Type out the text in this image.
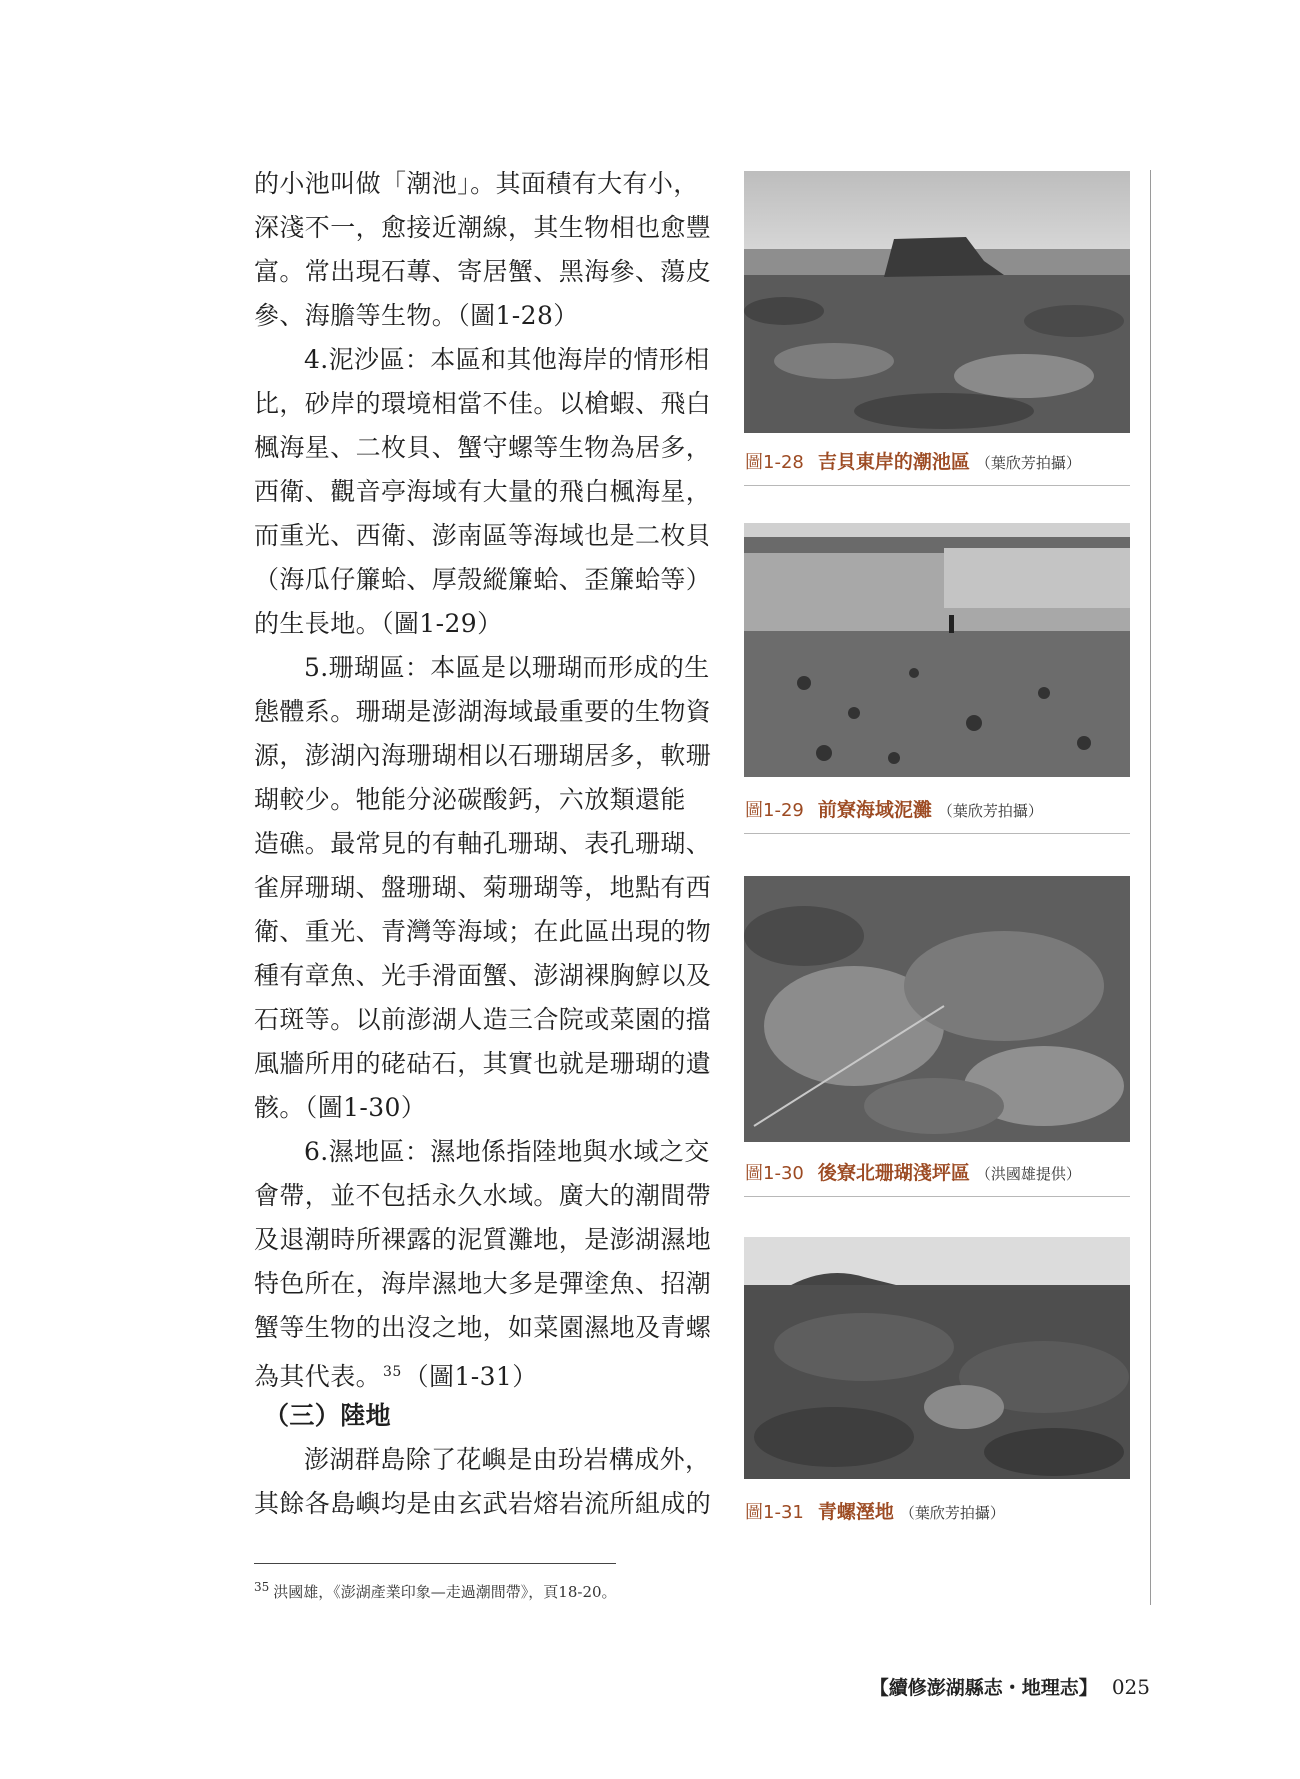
的小池叫做「潮池」。其面積有大有小，
深淺不一，愈接近潮線，其生物相也愈豐
富。常出現石蓴、寄居蟹、黑海參、蕩皮
參、海膽等生物。（圖1-28）
4.泥沙區：本區和其他海岸的情形相
比，砂岸的環境相當不佳。以槍蝦、飛白
楓海星、二枚貝、蟹守螺等生物為居多，
西衛、觀音亭海域有大量的飛白楓海星，
而重光、西衛、澎南區等海域也是二枚貝
（海瓜仔簾蛤、厚殼縱簾蛤、歪簾蛤等）
的生長地。（圖1-29）
5.珊瑚區：本區是以珊瑚而形成的生
態體系。珊瑚是澎湖海域最重要的生物資
源，澎湖內海珊瑚相以石珊瑚居多，軟珊
瑚較少。牠能分泌碳酸鈣，六放類還能
造礁。最常見的有軸孔珊瑚、表孔珊瑚、
雀屏珊瑚、盤珊瑚、菊珊瑚等，地點有西
衛、重光、青灣等海域；在此區出現的物
種有章魚、光手滑面蟹、澎湖裸胸鯙以及
石斑等。以前澎湖人造三合院或菜園的擋
風牆所用的硓𥑮石，其實也就是珊瑚的遺
骸。（圖1-30）
6.濕地區：濕地係指陸地與水域之交
會帶，並不包括永久水域。廣大的潮間帶
及退潮時所裸露的泥質灘地，是澎湖濕地
特色所在，海岸濕地大多是彈塗魚、招潮
蟹等生物的出沒之地，如菜園濕地及青螺
為其代表。 $^{35}$（圖1-31）
（三）陸地
澎湖群島除了花嶼是由玢岩構成外，
其餘各島嶼均是由玄武岩熔岩流所組成的
圖1-28 吉貝東岸的潮池區 （葉欣芳拍攝）
圖1-29 前寮海域泥灘 （葉欣芳拍攝）
圖1-30 後寮北珊瑚淺坪區 （洪國雄提供）
圖1-31 青螺溼地 （葉欣芳拍攝）
$^{35}$ 洪國雄，《澎湖產業印象—走過潮間帶》，頁18-20。
【續修澎湖縣志・地理志】 025
